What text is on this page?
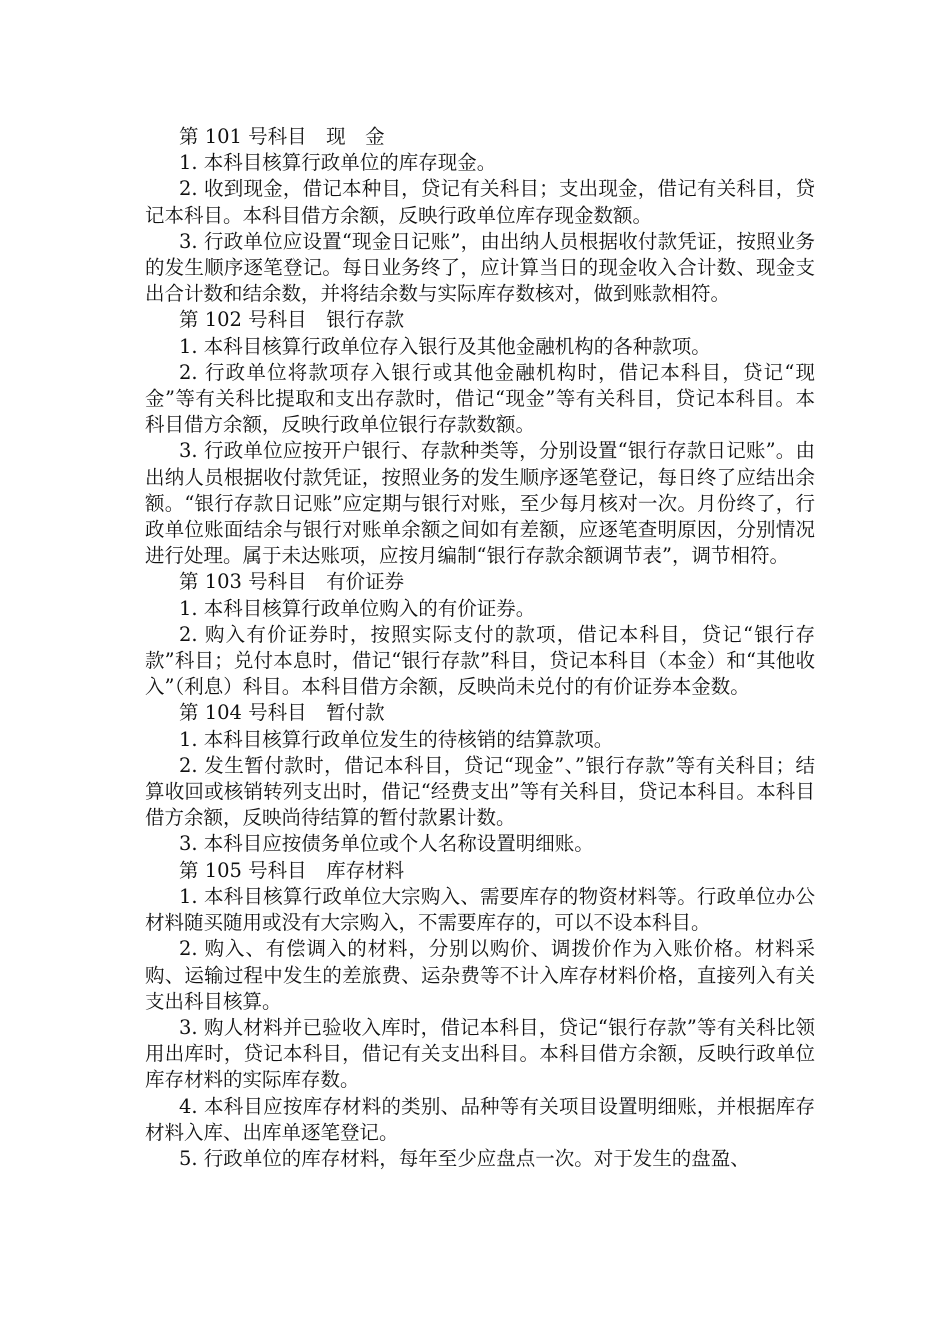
第 101 号科目　现　金

1. 本科目核算行政单位的库存现金。

2. 收到现金，借记本种目，贷记有关科目；支出现金，借记有关科目，贷记本科目。本科目借方余额，反映行政单位库存现金数额。

3. 行政单位应设置“现金日记账”，由出纳人员根据收付款凭证，按照业务的发生顺序逐笔登记。每日业务终了，应计算当日的现金收入合计数、现金支出合计数和结余数，并将结余数与实际库存数核对，做到账款相符。

第 102 号科目　银行存款

1. 本科目核算行政单位存入银行及其他金融机构的各种款项。

2. 行政单位将款项存入银行或其他金融机构时，借记本科目，贷记“现金”等有关科比提取和支出存款时，借记“现金”等有关科目，贷记本科目。本科目借方余额，反映行政单位银行存款数额。

3. 行政单位应按开户银行、存款种类等，分别设置“银行存款日记账”。由出纳人员根据收付款凭证，按照业务的发生顺序逐笔登记，每日终了应结出余额。“银行存款日记账”应定期与银行对账，至少每月核对一次。月份终了，行政单位账面结余与银行对账单余额之间如有差额，应逐笔查明原因，分别情况进行处理。属于未达账项，应按月编制“银行存款余额调节表”，调节相符。

第 103 号科目　有价证券

1. 本科目核算行政单位购入的有价证券。

2. 购入有价证券时，按照实际支付的款项，借记本科目，贷记“银行存款”科目；兑付本息时，借记“银行存款”科目，贷记本科目（本金）和“其他收入”（利息）科目。本科目借方余额，反映尚未兑付的有价证券本金数。

第 104 号科目　暂付款

1. 本科目核算行政单位发生的待核销的结算款项。

2. 发生暂付款时，借记本科目，贷记“现金”、”银行存款”等有关科目；结算收回或核销转列支出时，借记“经费支出”等有关科目，贷记本科目。本科目借方余额，反映尚待结算的暂付款累计数。

3. 本科目应按债务单位或个人名称设置明细账。

第 105 号科目　库存材料

1. 本科目核算行政单位大宗购入、需要库存的物资材料等。行政单位办公材料随买随用或没有大宗购入，不需要库存的，可以不设本科目。

2. 购入、有偿调入的材料，分别以购价、调拨价作为入账价格。材料采购、运输过程中发生的差旅费、运杂费等不计入库存材料价格，直接列入有关支出科目核算。

3. 购人材料并已验收入库时，借记本科目，贷记“银行存款”等有关科比领用出库时，贷记本科目，借记有关支出科目。本科目借方余额，反映行政单位库存材料的实际库存数。

4. 本科目应按库存材料的类别、品种等有关项目设置明细账，并根据库存材料入库、出库单逐笔登记。

5. 行政单位的库存材料，每年至少应盘点一次。对于发生的盘盈、
